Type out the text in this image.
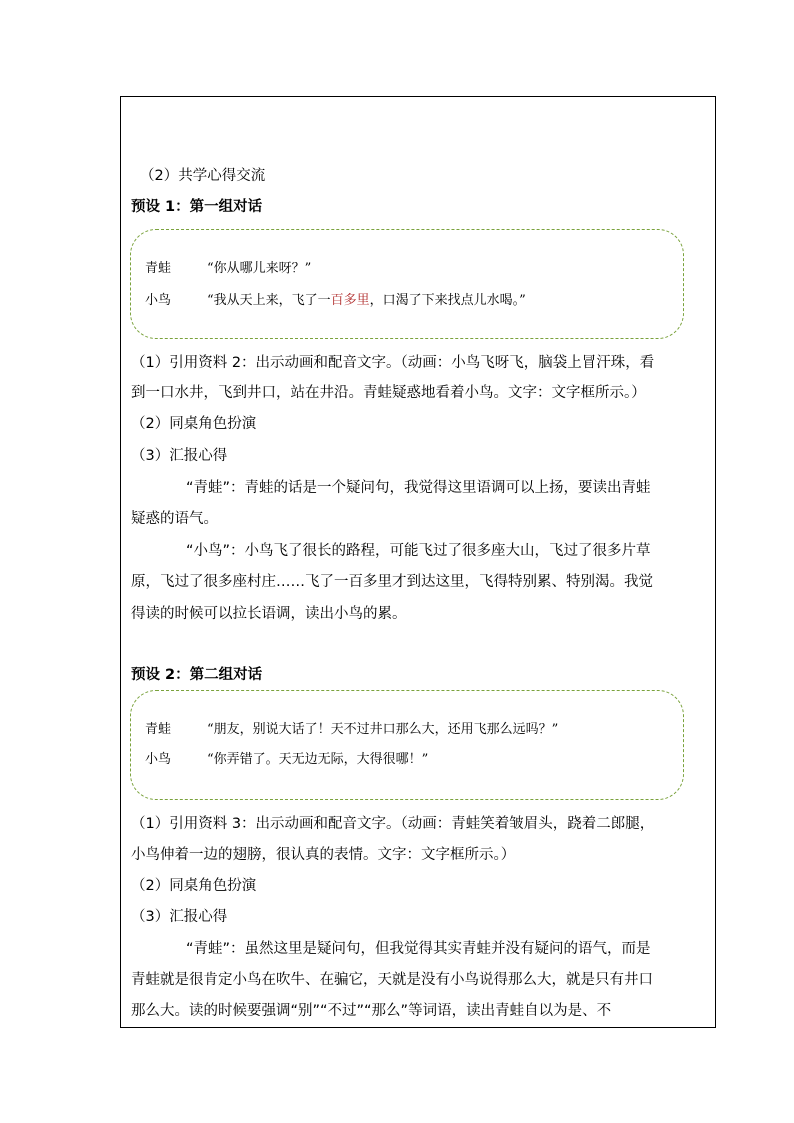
（2）共学心得交流
预设 1：第一组对话
青蛙	“你从哪儿来呀？”
小鸟	“我从天上来，飞了一百多里，口渴了下来找点儿水喝。”
（1）引用资料 2：出示动画和配音文字。（动画：小鸟飞呀飞，脑袋上冒汗珠，看
到一口水井，飞到井口，站在井沿。青蛙疑惑地看着小鸟。文字：文字框所示。）
（2）同桌角色扮演
（3）汇报心得
“青蛙”：青蛙的话是一个疑问句，我觉得这里语调可以上扬，要读出青蛙
疑惑的语气。
“小鸟”：小鸟飞了很长的路程，可能飞过了很多座大山，飞过了很多片草
原，飞过了很多座村庄……飞了一百多里才到达这里，飞得特别累、特别渴。我觉
得读的时候可以拉长语调，读出小鸟的累。
预设 2：第二组对话
青蛙	“朋友，别说大话了！天不过井口那么大，还用飞那么远吗？”
小鸟	“你弄错了。天无边无际，大得很哪！”
（1）引用资料 3：出示动画和配音文字。（动画：青蛙笑着皱眉头，跷着二郎腿，
小鸟伸着一边的翅膀，很认真的表情。文字：文字框所示。）
（2）同桌角色扮演
（3）汇报心得
“青蛙”：虽然这里是疑问句，但我觉得其实青蛙并没有疑问的语气，而是
青蛙就是很肯定小鸟在吹牛、在骗它，天就是没有小鸟说得那么大，就是只有井口
那么大。读的时候要强调“别”“不过”“那么”等词语，读出青蛙自以为是、不
